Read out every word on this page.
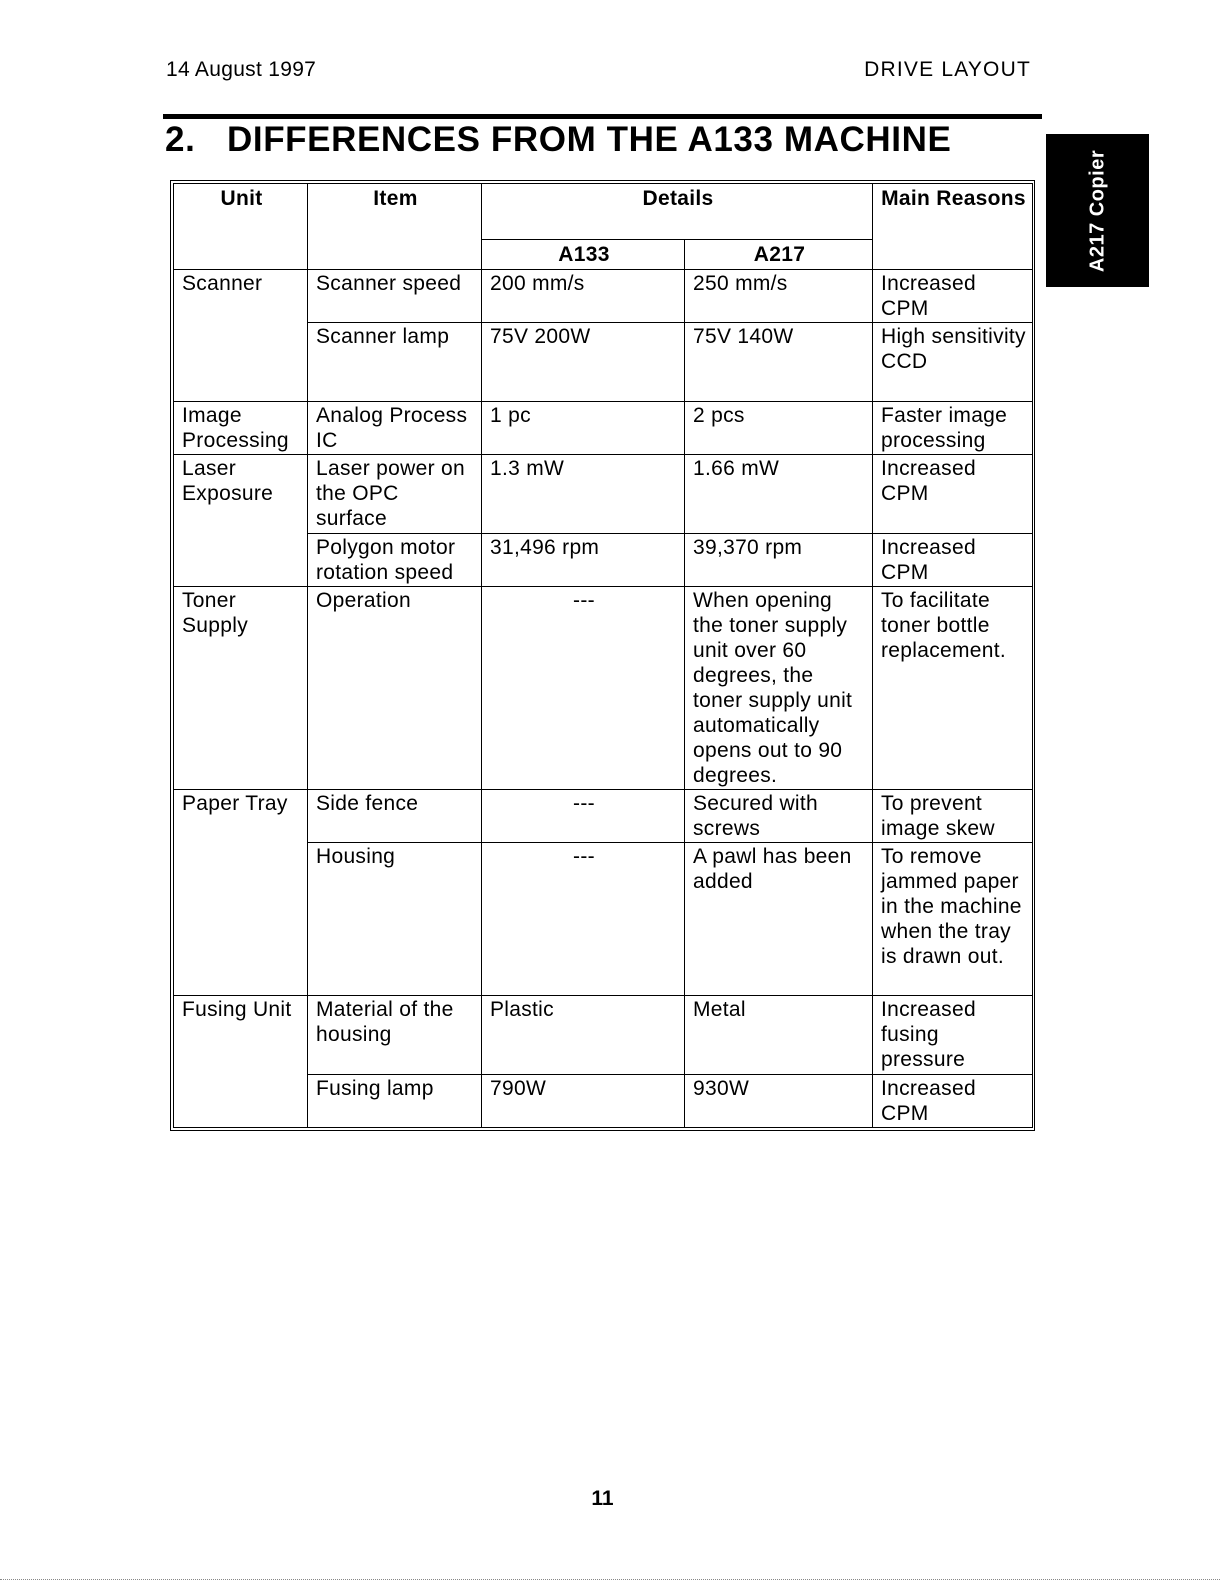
14 August 1997	DRIVE LAYOUT
2. DIFFERENCES FROM THE A133 MACHINE
A217 Copier
Unit	Item	Details		Main Reasons
		A133	A217	
Scanner	Scanner speed	200 mm/s	250 mm/s	Increased CPM
	Scanner lamp	75V 200W	75V 140W	High sensitivity CCD
Image Processing	Analog Process IC	1 pc	2 pcs	Faster image processing
Laser Exposure	Laser power on the OPC surface	1.3 mW	1.66 mW	Increased CPM
	Polygon motor rotation speed	31,496 rpm	39,370 rpm	Increased CPM
Toner Supply	Operation	---	When opening the toner supply unit over 60 degrees, the toner supply unit automatically opens out to 90 degrees.	To facilitate toner bottle replacement.
Paper Tray	Side fence	---	Secured with screws	To prevent image skew
	Housing	---	A pawl has been added	To remove jammed paper in the machine when the tray is drawn out.
Fusing Unit	Material of the housing	Plastic	Metal	Increased fusing pressure
	Fusing lamp	790W	930W	Increased CPM
11
